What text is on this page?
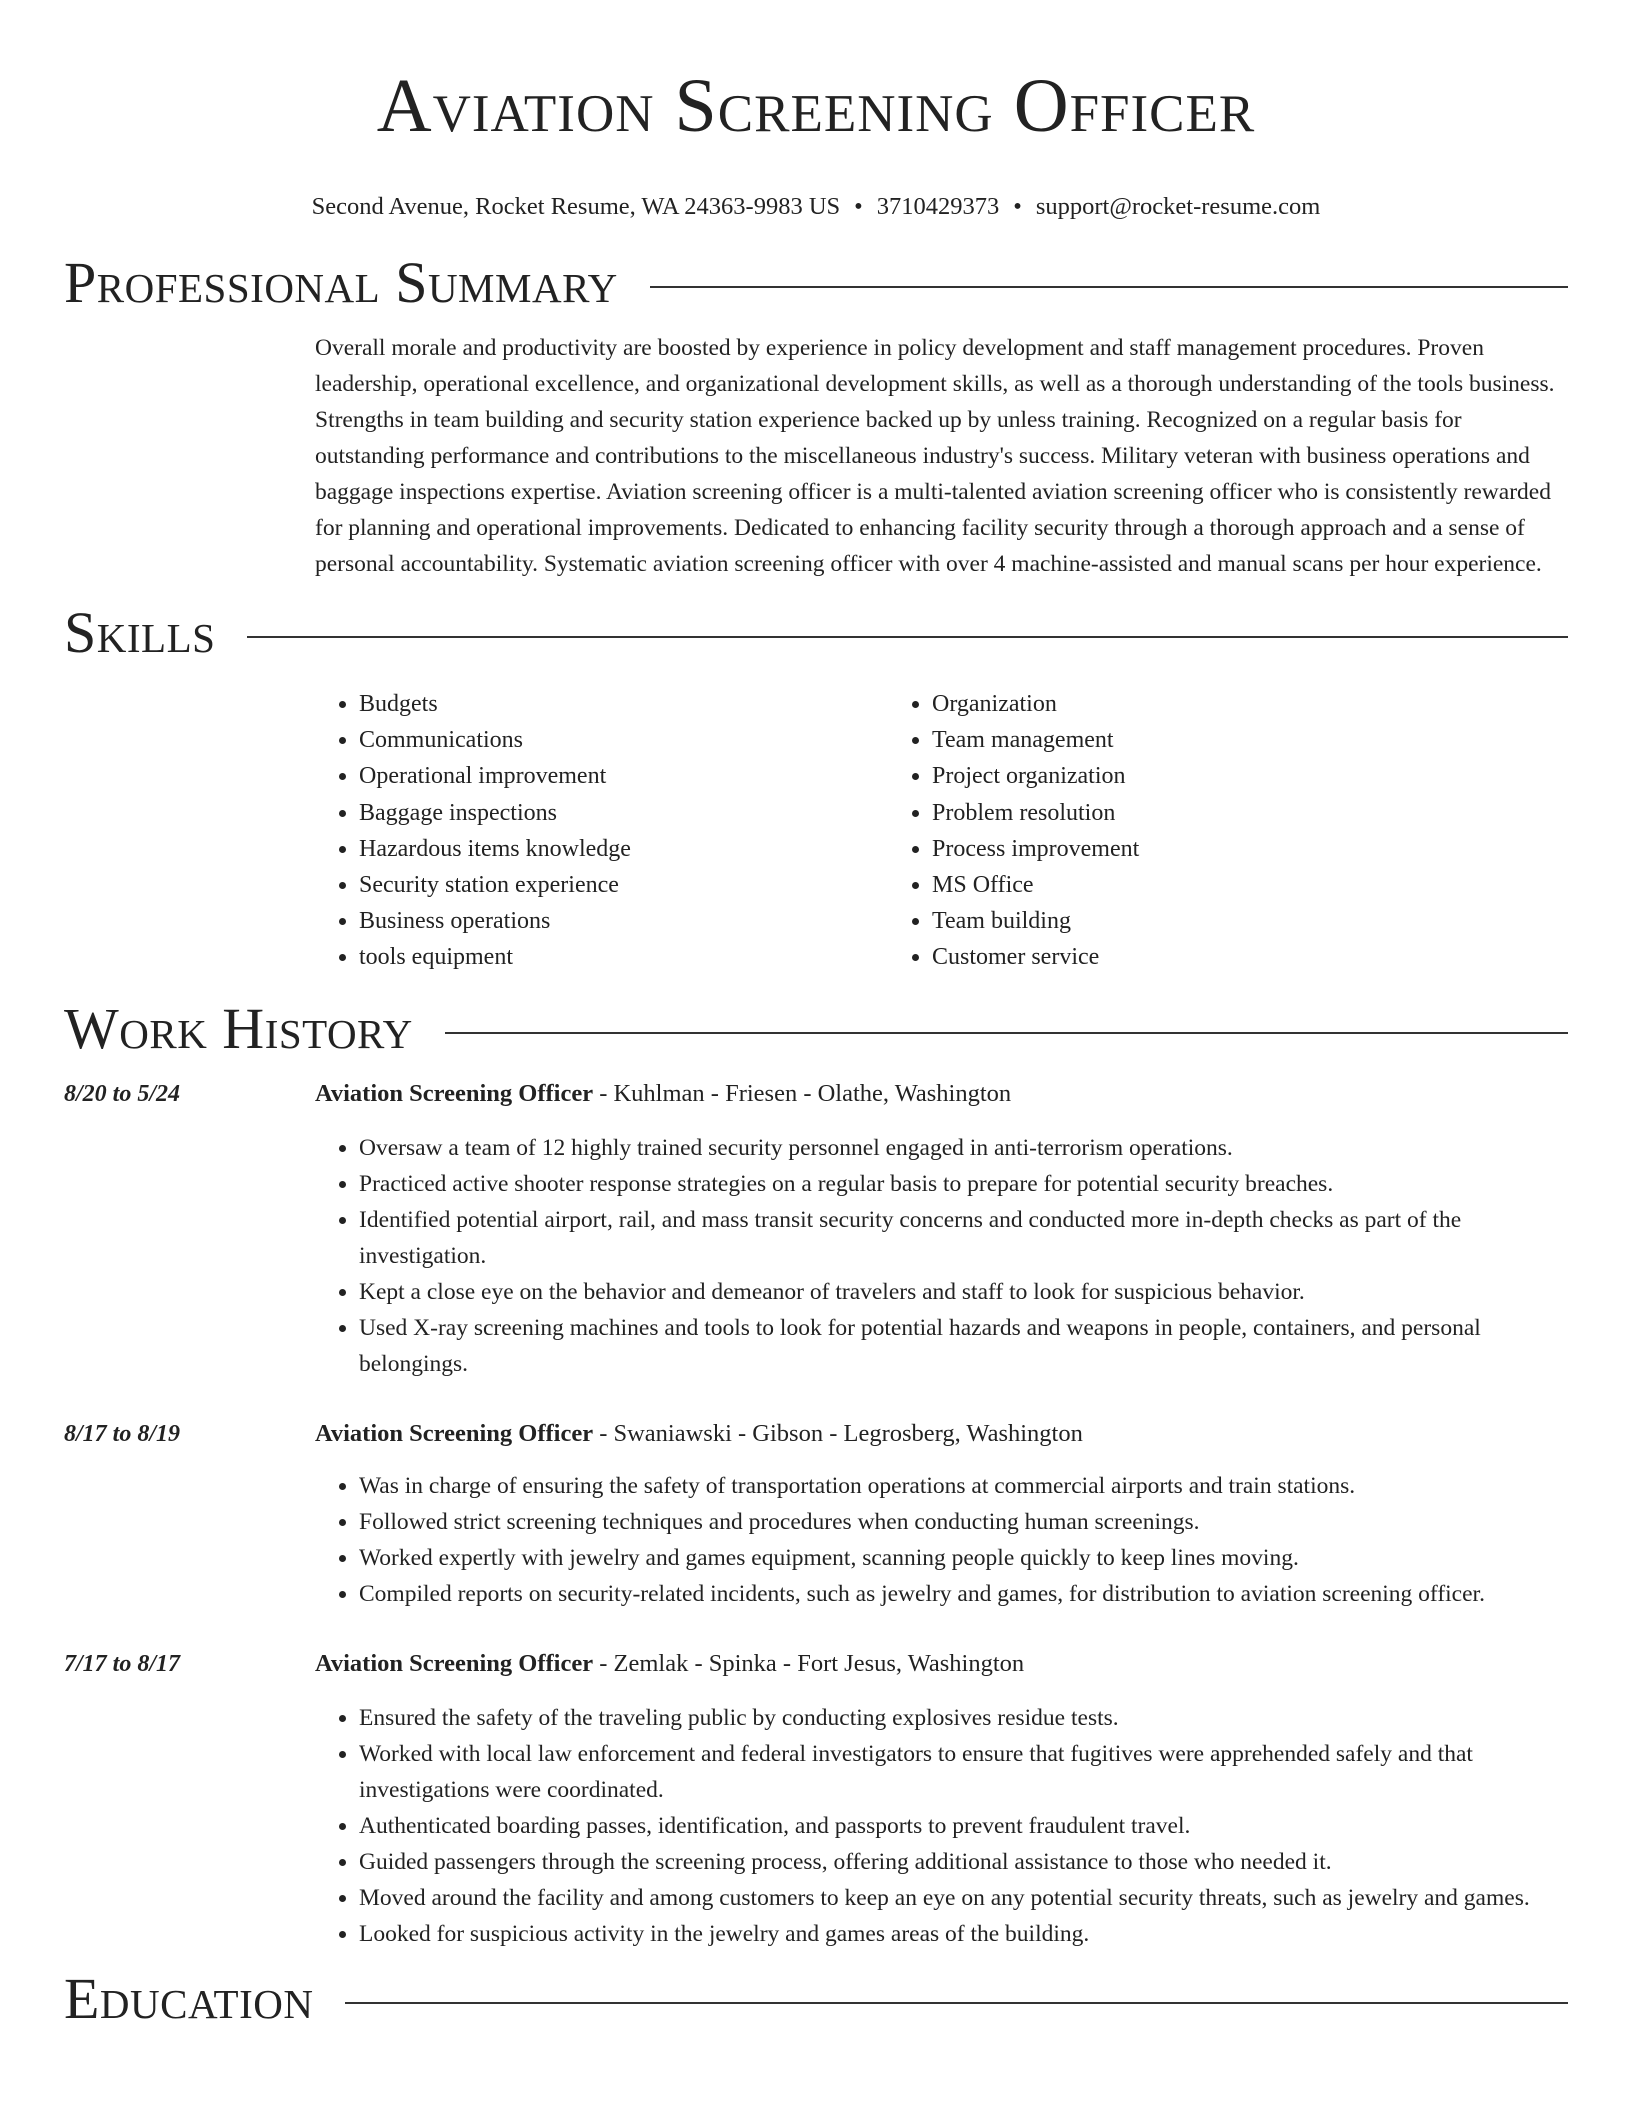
Aviation Screening Officer
Second Avenue, Rocket Resume, WA 24363-9983 US • 3710429373 • support@rocket-resume.com
Professional Summary

Overall morale and productivity are boosted by experience in policy development and staff management procedures. Proven leadership, operational excellence, and organizational development skills, as well as a thorough understanding of the tools business. Strengths in team building and security station experience backed up by unless training. Recognized on a regular basis for outstanding performance and contributions to the miscellaneous industry's success. Military veteran with business operations and baggage inspections expertise. Aviation screening officer is a multi-talented aviation screening officer who is consistently rewarded for planning and operational improvements. Dedicated to enhancing facility security through a thorough approach and a sense of personal accountability. Systematic aviation screening officer with over 4 machine-assisted and manual scans per hour experience.

Skills
• Budgets
• Communications
• Operational improvement
• Baggage inspections
• Hazardous items knowledge
• Security station experience
• Business operations
• tools equipment
• Organization
• Team management
• Project organization
• Problem resolution
• Process improvement
• MS Office
• Team building
• Customer service
Work History
8/20 to 5/24	Aviation Screening Officer - Kuhlman - Friesen - Olathe, Washington
• Oversaw a team of 12 highly trained security personnel engaged in anti-terrorism operations.
• Practiced active shooter response strategies on a regular basis to prepare for potential security breaches.
• Identified potential airport, rail, and mass transit security concerns and conducted more in-depth checks as part of the investigation.
• Kept a close eye on the behavior and demeanor of travelers and staff to look for suspicious behavior.
• Used X-ray screening machines and tools to look for potential hazards and weapons in people, containers, and personal belongings.
8/17 to 8/19	Aviation Screening Officer - Swaniawski - Gibson - Legrosberg, Washington
• Was in charge of ensuring the safety of transportation operations at commercial airports and train stations.
• Followed strict screening techniques and procedures when conducting human screenings.
• Worked expertly with jewelry and games equipment, scanning people quickly to keep lines moving.
• Compiled reports on security-related incidents, such as jewelry and games, for distribution to aviation screening officer.
7/17 to 8/17	Aviation Screening Officer - Zemlak - Spinka - Fort Jesus, Washington
• Ensured the safety of the traveling public by conducting explosives residue tests.
• Worked with local law enforcement and federal investigators to ensure that fugitives were apprehended safely and that investigations were coordinated.
• Authenticated boarding passes, identification, and passports to prevent fraudulent travel.
• Guided passengers through the screening process, offering additional assistance to those who needed it.
• Moved around the facility and among customers to keep an eye on any potential security threats, such as jewelry and games.
• Looked for suspicious activity in the jewelry and games areas of the building.
Education
